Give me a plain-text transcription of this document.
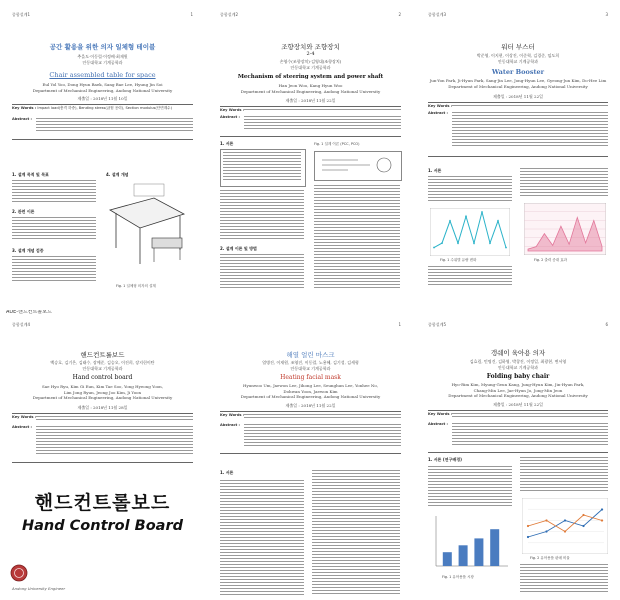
종합설계1	1
공간 활용을 위한 의자 일체형 테이블
추을도·이동렬·이정배·최재원
안동대학교 기계공학과
Chair assembled table for space
Eul Yol Yoo, Dong Hyun Baek, Sang Bae Lee, Hyung Jin Soi
Department of Mechanical Engineering, Andong National University
제출일 : 2018년 11월 10일
Key Words : Impact load(충격 하중), Bending stress(굽힘 응력), Section modulus(단면계수)
Abstract :
1. 설계 목적 및 목표
2. 관련 이론
3. 설계 개념 검증
4. 설계 개념
Fig. 1 일체형 의자의 설계
종합설계2	2
조향장치와 조향장치
2-4
손영수(조향장치)·김영대(조향장치)
안동대학교 기계공학과
Mechanism of steering system and power shaft
Han Jeon Woo, Kang Hyun Woo
Department of Mechanical Engineering, Andong National University
제출일 : 2018년 11월 22일
Key Words :
Abstract :
1. 서론
2. 설계 이론 및 방법
Fig. 1 설계 이론 (PCC, PCO)
종합설계3	3
워터 부스터
박준영, 이지현, 이상진, 이준혁, 김경준, 임도희
안동대학교 기계공학과
Water Booster
Jun-Yon Park, Ji-Hyun Park, Sang-Jin Lee, Jong-Hyun Lee, Gyeong-Jun Kim, Do-Hee Lim
Department of Mechanical Engineering, Andong National University
제출일 : 2018년 11월 22일
Key Words :
Abstract :
1. 서론
Fig. 1 수위별 유량 변화	Fig. 2 출력 증대 효과
AUE-핸드컨트롤보드
종합설계4
핸드컨트롤보드
백승호, 김기은, 김태수, 장예준, 김승오, 이진희, 장지헌이탄
안동대학교 기계공학과
Hand control board
Sae Hyo Ryu, Kim Gi Eun, Kim Tae Soo, Yong Hyeong Yoon,
Lim Jong Ryun, Jeong Joo Kim, Ji Yoon
Department of Mechanical Engineering, Andong National University
제출일 : 2018년 11월 28일
Key Words :
Abstract :
핸드컨트롤보드
Hand Control Board
Andong University Engineer
1
해열 얼린 마스크
엄병진, 이재원, 조영진, 이동렬, 노용혜, 김기성, 김세형
안동대학교 기계공학과
Heating facial mask
Hyunwoo Um, Jaewon Lee, Jihong Lee, Seunghun Lee, Yonhee No,
Dohwan Yoon, Jaewon Kim
Department of Mechanical Engineering, Andong National University
제출일 : 2018년 11월 22일
Key Words :
Abstract :
1. 서론
종합설계5	6
갱쉐이 육아용 의자
김효림, 민명건, 김하영, 박창진, 이정일, 최광현, 변서영
안동대학교 기계공학과
Folding baby chair
Hyo-Rim Kim, Myung-Geun Kang, Jung-Hyun Kim, Jin-Hyun Park,
Chang-Min Lee, Jae-Hyun Jo, Jong-Min Jeon
Department of Mechanical Engineering, Andong National University
제출일 : 2018년 11월 22일
Key Words :
Abstract :
1. 서론 (연구배경)
Fig. 1 유아용품 시장
Fig. 2 유아용품 판매 비율
